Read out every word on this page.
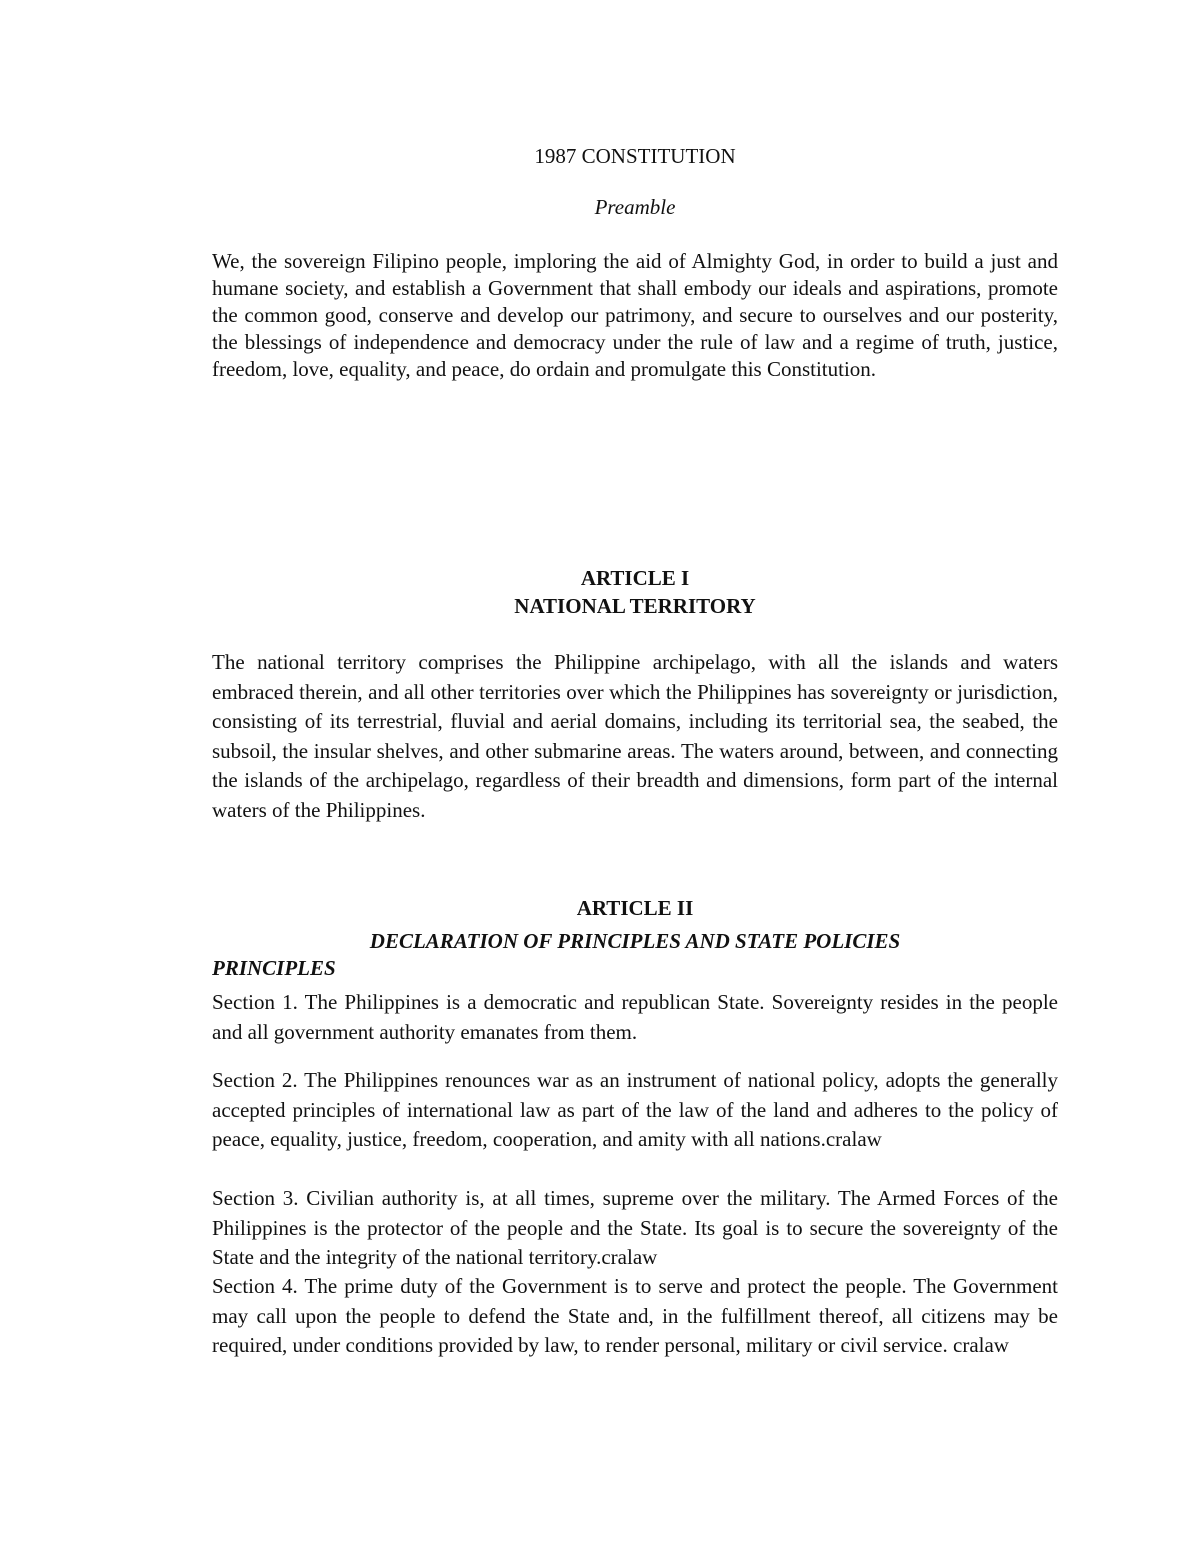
1987 CONSTITUTION

Preamble

We, the sovereign Filipino people, imploring the aid of Almighty God, in order to build a just and humane society, and establish a Government that shall embody our ideals and aspirations, promote the common good, conserve and develop our patrimony, and secure to ourselves and our posterity, the blessings of independence and democracy under the rule of law and a regime of truth, justice, freedom, love, equality, and peace, do ordain and promulgate this Constitution.

ARTICLE I

NATIONAL TERRITORY

The national territory comprises the Philippine archipelago, with all the islands and waters embraced therein, and all other territories over which the Philippines has sovereignty or jurisdiction, consisting of its terrestrial, fluvial and aerial domains, including its territorial sea, the seabed, the subsoil, the insular shelves, and other submarine areas. The waters around, between, and connecting the islands of the archipelago, regardless of their breadth and dimensions, form part of the internal waters of the Philippines.

ARTICLE II

DECLARATION OF PRINCIPLES AND STATE POLICIES

PRINCIPLES

Section 1. The Philippines is a democratic and republican State. Sovereignty resides in the people and all government authority emanates from them.

Section 2. The Philippines renounces war as an instrument of national policy, adopts the generally accepted principles of international law as part of the law of the land and adheres to the policy of peace, equality, justice, freedom, cooperation, and amity with all nations.cralaw

Section 3. Civilian authority is, at all times, supreme over the military. The Armed Forces of the Philippines is the protector of the people and the State. Its goal is to secure the sovereignty of the State and the integrity of the national territory.cralaw

Section 4. The prime duty of the Government is to serve and protect the people. The Government may call upon the people to defend the State and, in the fulfillment thereof, all citizens may be required, under conditions provided by law, to render personal, military or civil service. cralaw
